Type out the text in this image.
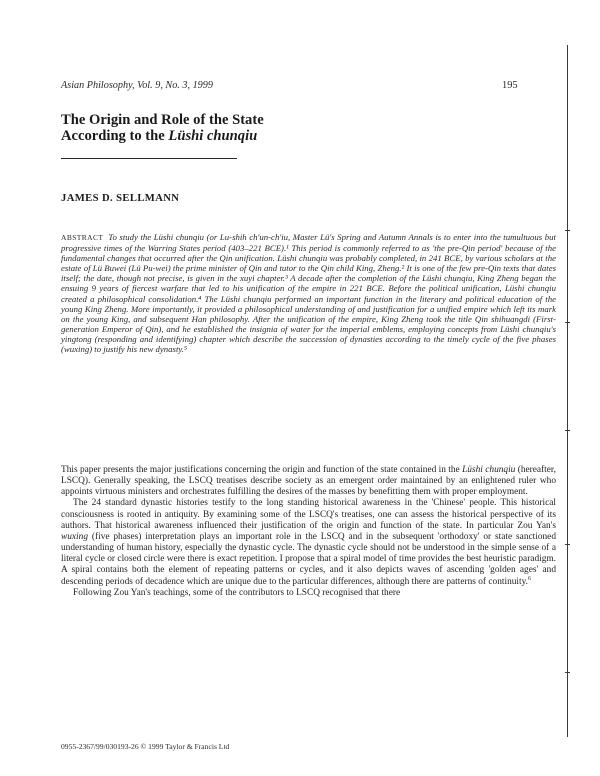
Asian Philosophy, Vol. 9, No. 3, 1999	195
The Origin and Role of the State
According to the Lüshi chunqiu
JAMES D. SELLMANN
ABSTRACT To study the Lüshi chunqiu (or Lu-shih ch'un-ch'iu, Master Lü's Spring and Autumn Annals is to enter into the tumultuous but progressive times of the Warring States period (403–221 BCE).¹ This period is commonly referred to as 'the pre-Qin period' because of the fundamental changes that occurred after the Qin unification. Lüshi chunqiu was probably completed, in 241 BCE, by various scholars at the estate of Lü Buwei (Lü Pu-wei) the prime minister of Qin and tutor to the Qin child King, Zheng.² It is one of the few pre-Qin texts that dates itself; the date, though not precise, is given in the xuyi chapter.³ A decade after the completion of the Lüshi chunqiu, King Zheng began the ensuing 9 years of fiercest warfare that led to his unification of the empire in 221 BCE. Before the political unification, Lüshi chunqiu created a philosophical consolidation.⁴ The Lüshi chunqiu performed an important function in the literary and political education of the young King Zheng. More importantly, it provided a philosophical understanding of and justification for a unified empire which left its mark on the young King, and subsequent Han philosophy. After the unification of the empire, King Zheng took the title Qin shihuangdi (First-generation Emperor of Qin), and he established the insignia of water for the imperial emblems, employing concepts from Lüshi chunqiu's yingtong (responding and identifying) chapter which describe the succession of dynasties according to the timely cycle of the five phases (wuxing) to justify his new dynasty.⁵

This paper presents the major justifications concerning the origin and function of the state contained in the Lüshi chunqiu (hereafter, LSCQ). Generally speaking, the LSCQ treatises describe society as an emergent order maintained by an enlightened ruler who appoints virtuous ministers and orchestrates fulfilling the desires of the masses by benefitting them with proper employment.

The 24 standard dynastic histories testify to the long standing historical awareness in the 'Chinese' people. This historical consciousness is rooted in antiquity. By examining some of the LSCQ's treatises, one can assess the historical perspective of its authors. That historical awareness influenced their justification of the origin and function of the state. In particular Zou Yan's wuxing (five phases) interpretation plays an important role in the LSCQ and in the subsequent 'orthodoxy' or state sanctioned understanding of human history, especially the dynastic cycle. The dynastic cycle should not be understood in the simple sense of a literal cycle or closed circle were there is exact repetition. I propose that a spiral model of time provides the best heuristic paradigm. A spiral contains both the element of repeating patterns or cycles, and it also depicts waves of ascending 'golden ages' and descending periods of decadence which are unique due to the particular differences, although there are patterns of continuity.$^6$

Following Zou Yan's teachings, some of the contributors to LSCQ recognised that there

0955-2367/99/030193-26 © 1999 Taylor & Francis Ltd
